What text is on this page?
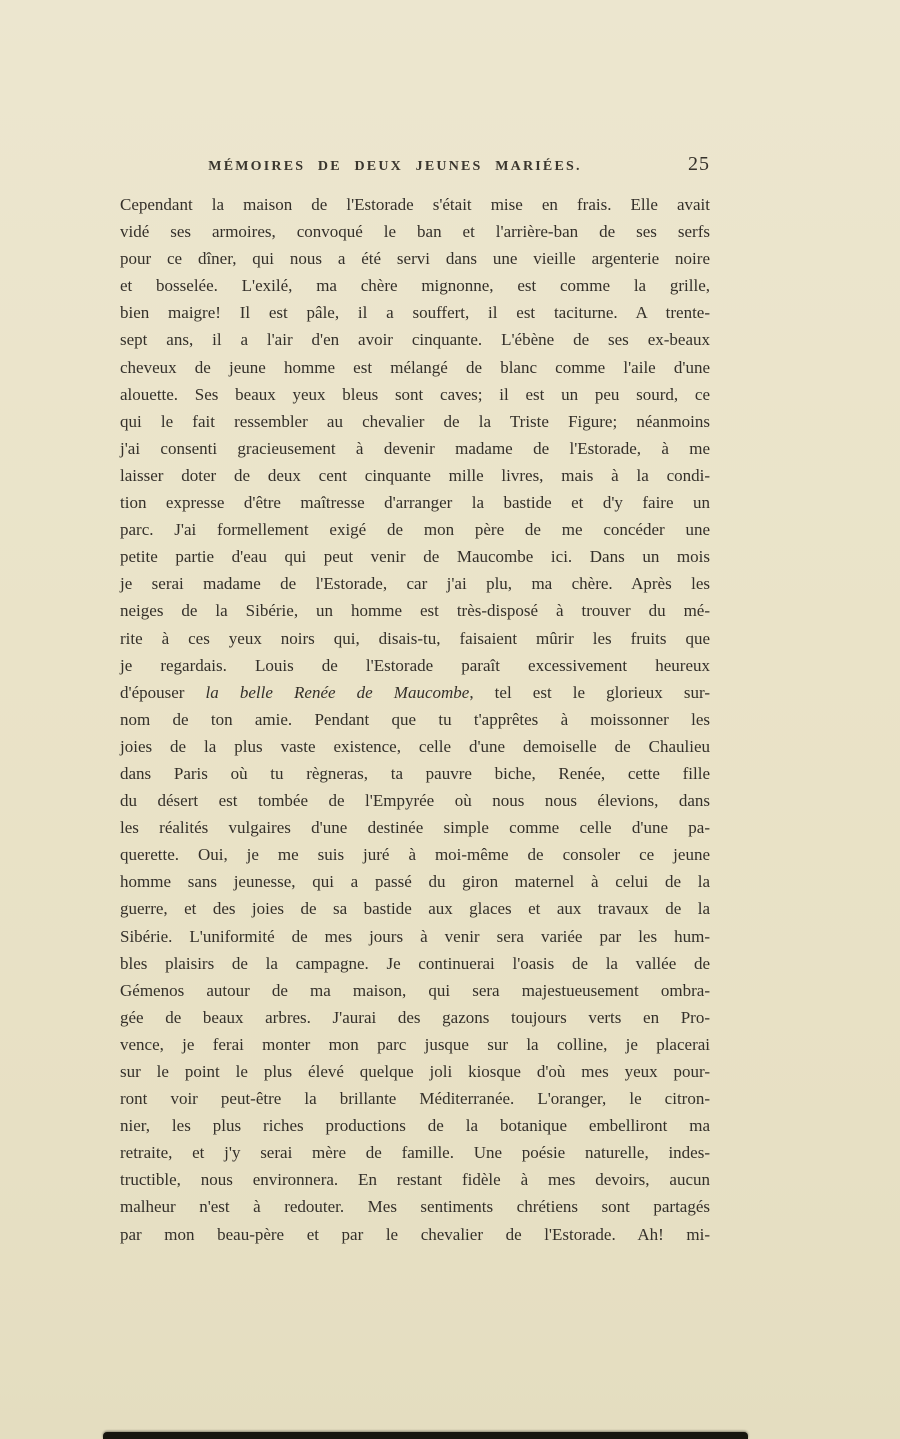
MÉMOIRES DE DEUX JEUNES MARIÉES.	25
Cependant la maison de l'Estorade s'était mise en frais. Elle avait
vidé ses armoires, convoqué le ban et l'arrière-ban de ses serfs
pour ce dîner, qui nous a été servi dans une vieille argenterie noire
et bosselée. L'exilé, ma chère mignonne, est comme la grille,
bien maigre! Il est pâle, il a souffert, il est taciturne. A trente-
sept ans, il a l'air d'en avoir cinquante. L'ébène de ses ex-beaux
cheveux de jeune homme est mélangé de blanc comme l'aile d'une
alouette. Ses beaux yeux bleus sont caves; il est un peu sourd, ce
qui le fait ressembler au chevalier de la Triste Figure; néanmoins
j'ai consenti gracieusement à devenir madame de l'Estorade, à me
laisser doter de deux cent cinquante mille livres, mais à la condi-
tion expresse d'être maîtresse d'arranger la bastide et d'y faire un
parc. J'ai formellement exigé de mon père de me concéder une
petite partie d'eau qui peut venir de Maucombe ici. Dans un mois
je serai madame de l'Estorade, car j'ai plu, ma chère. Après les
neiges de la Sibérie, un homme est très-disposé à trouver du mé-
rite à ces yeux noirs qui, disais-tu, faisaient mûrir les fruits que
je regardais. Louis de l'Estorade paraît excessivement heureux
d'épouser la belle Renée de Maucombe, tel est le glorieux sur-
nom de ton amie. Pendant que tu t'apprêtes à moissonner les
joies de la plus vaste existence, celle d'une demoiselle de Chaulieu
dans Paris où tu règneras, ta pauvre biche, Renée, cette fille
du désert est tombée de l'Empyrée où nous nous élevions, dans
les réalités vulgaires d'une destinée simple comme celle d'une pa-
querette. Oui, je me suis juré à moi-même de consoler ce jeune
homme sans jeunesse, qui a passé du giron maternel à celui de la
guerre, et des joies de sa bastide aux glaces et aux travaux de la
Sibérie. L'uniformité de mes jours à venir sera variée par les hum-
bles plaisirs de la campagne. Je continuerai l'oasis de la vallée de
Gémenos autour de ma maison, qui sera majestueusement ombra-
gée de beaux arbres. J'aurai des gazons toujours verts en Pro-
vence, je ferai monter mon parc jusque sur la colline, je placerai
sur le point le plus élevé quelque joli kiosque d'où mes yeux pour-
ront voir peut-être la brillante Méditerranée. L'oranger, le citron-
nier, les plus riches productions de la botanique embelliront ma
retraite, et j'y serai mère de famille. Une poésie naturelle, indes-
tructible, nous environnera. En restant fidèle à mes devoirs, aucun
malheur n'est à redouter. Mes sentiments chrétiens sont partagés
par mon beau-père et par le chevalier de l'Estorade. Ah! mi-
